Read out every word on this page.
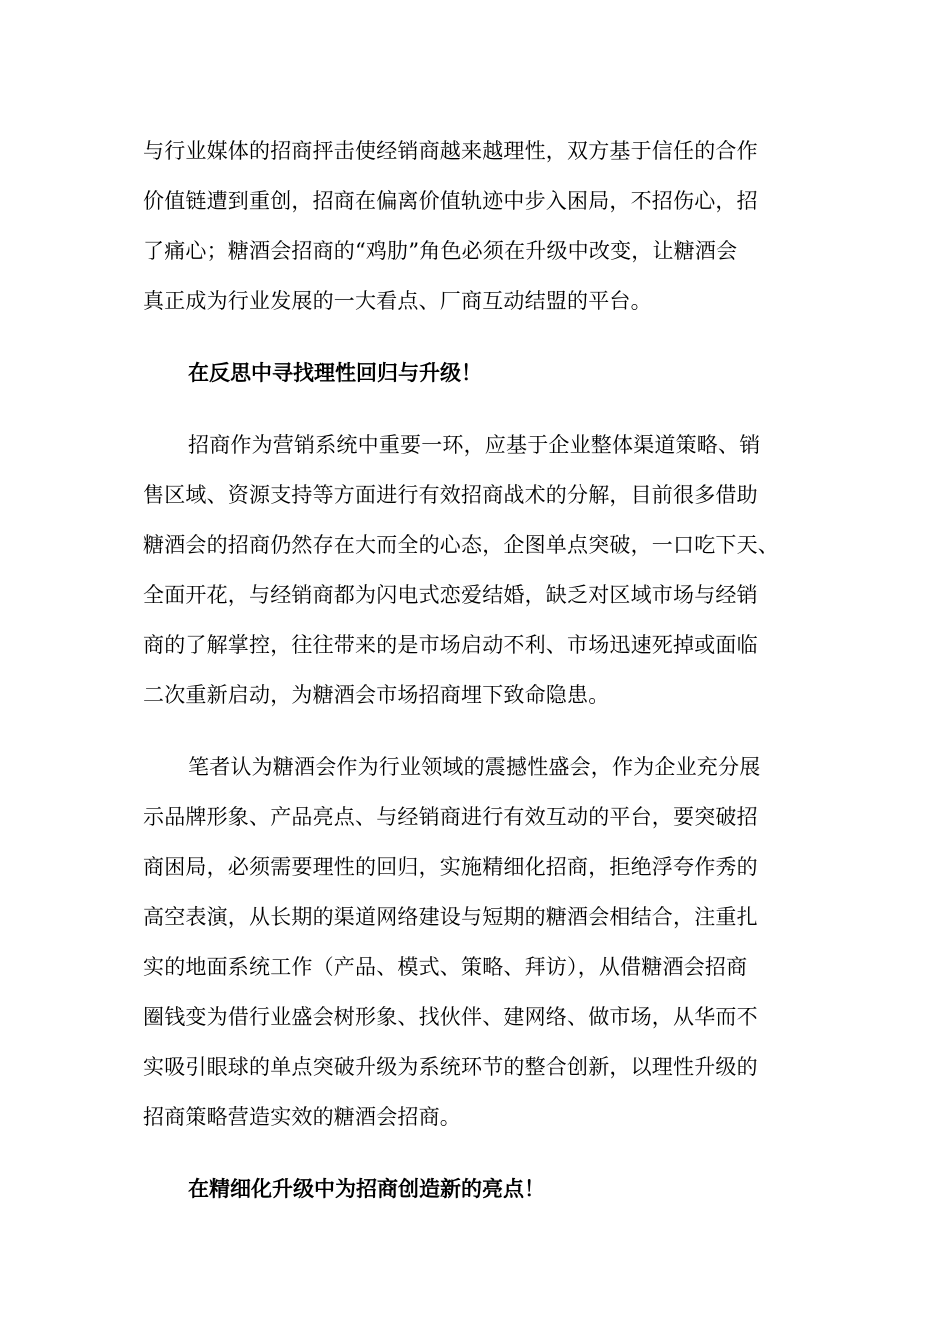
与行业媒体的招商抨击使经销商越来越理性，双方基于信任的合作
价值链遭到重创，招商在偏离价值轨迹中步入困局，不招伤心，招
了痛心；糖酒会招商的“鸡肋”角色必须在升级中改变，让糖酒会
真正成为行业发展的一大看点、厂商互动结盟的平台。
在反思中寻找理性回归与升级！
招商作为营销系统中重要一环，应基于企业整体渠道策略、销
售区域、资源支持等方面进行有效招商战术的分解，目前很多借助
糖酒会的招商仍然存在大而全的心态，企图单点突破，一口吃下天、
全面开花，与经销商都为闪电式恋爱结婚，缺乏对区域市场与经销
商的了解掌控，往往带来的是市场启动不利、市场迅速死掉或面临
二次重新启动，为糖酒会市场招商埋下致命隐患。
笔者认为糖酒会作为行业领域的震撼性盛会，作为企业充分展
示品牌形象、产品亮点、与经销商进行有效互动的平台，要突破招
商困局，必须需要理性的回归，实施精细化招商，拒绝浮夸作秀的
高空表演，从长期的渠道网络建设与短期的糖酒会相结合，注重扎
实的地面系统工作（产品、模式、策略、拜访），从借糖酒会招商
圈钱变为借行业盛会树形象、找伙伴、建网络、做市场，从华而不
实吸引眼球的单点突破升级为系统环节的整合创新，以理性升级的
招商策略营造实效的糖酒会招商。
在精细化升级中为招商创造新的亮点！
